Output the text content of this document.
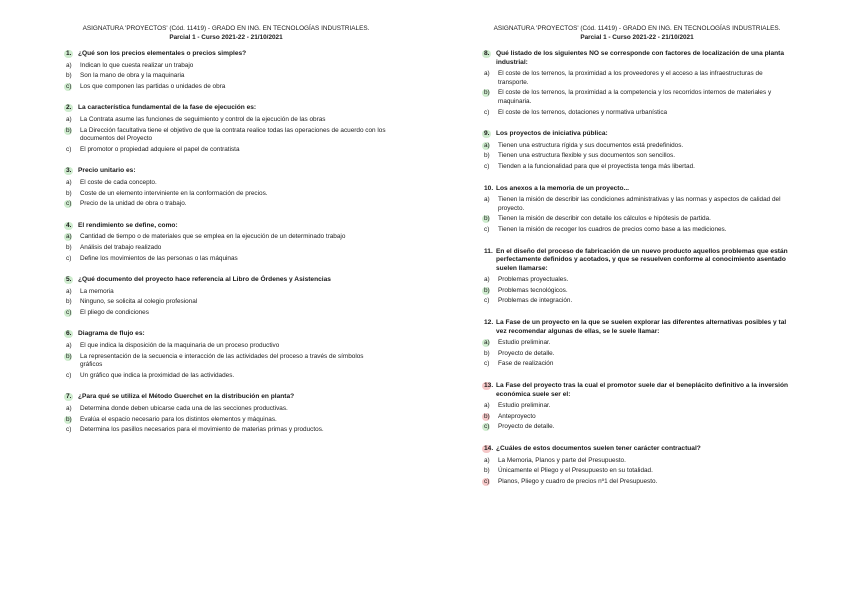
ASIGNATURA 'PROYECTOS' (Cód. 11419) - GRADO EN ING. EN TECNOLOGÍAS INDUSTRIALES.
Parcial 1 - Curso 2021-22 - 21/10/2021
1. ¿Qué son los precios elementales o precios simples?
a)	Indican lo que cuesta realizar un trabajo
b)	Son la mano de obra y la maquinaria
c)	Los que componen las partidas o unidades de obra
2. La característica fundamental de la fase de ejecución es:
a)	La Contrata asume las funciones de seguimiento y control de la ejecución de las obras
b)	La Dirección facultativa tiene el objetivo de que la contrata realice todas las operaciones de acuerdo con los documentos del Proyecto
c)	El promotor o propiedad adquiere el papel de contratista
3. Precio unitario es:
a)	El coste de cada concepto.
b)	Coste de un elemento interviniente en la conformación de precios.
c)	Precio de la unidad de obra o trabajo.
4. El rendimiento se define, como:
a)	Cantidad de tiempo o de materiales que se emplea en la ejecución de un determinado trabajo
b)	Análisis del trabajo realizado
c)	Define los movimientos de las personas o las máquinas
5. ¿Qué documento del proyecto hace referencia al Libro de Órdenes y Asistencias
a)	La memoria
b)	Ninguno, se solicita al colegio profesional
c)	El pliego de condiciones
6. Diagrama de flujo es:
a)	El que indica la disposición de la maquinaria de un proceso productivo
b)	La representación de la secuencia e interacción de las actividades del proceso a través de símbolos gráficos
c)	Un gráfico que indica la proximidad de las actividades.
7. ¿Para qué se utiliza el Método Guerchet en la distribución en planta?
a)	Determina donde deben ubicarse cada una de las secciones productivas.
b)	Evalúa el espacio necesario para los distintos elementos y máquinas.
c)	Determina los pasillos necesarios para el movimiento de materias primas y productos.
ASIGNATURA 'PROYECTOS' (Cód. 11419) - GRADO EN ING. EN TECNOLOGÍAS INDUSTRIALES.
Parcial 1 - Curso 2021-22 - 21/10/2021
8. Qué listado de los siguientes NO se corresponde con factores de localización de una planta industrial:
a)	El coste de los terrenos, la proximidad a los proveedores y el acceso a las infraestructuras de transporte.
b)	El coste de los terrenos, la proximidad a la competencia y los recorridos internos de materiales y maquinaria.
c)	El coste de los terrenos, dotaciones y normativa urbanística
9. Los proyectos de iniciativa pública:
a)	Tienen una estructura rígida y sus documentos está predefinidos.
b)	Tienen una estructura flexible y sus documentos son sencillos.
c)	Tienden a la funcionalidad para que el proyectista tenga más libertad.
10. Los anexos a la memoria de un proyecto...
a)	Tienen la misión de describir las condiciones administrativas y las normas y aspectos de calidad del proyecto.
b)	Tienen la misión de describir con detalle los cálculos e hipótesis de partida.
c)	Tienen la misión de recoger los cuadros de precios como base a las mediciones.
11. En el diseño del proceso de fabricación de un nuevo producto aquellos problemas que están perfectamente definidos y acotados, y que se resuelven conforme al conocimiento asentado suelen llamarse:
a)	Problemas proyectuales.
b)	Problemas tecnológicos.
c)	Problemas de integración.
12. La Fase de un proyecto en la que se suelen explorar las diferentes alternativas posibles y tal vez recomendar algunas de ellas, se le suele llamar:
a)	Estudio preliminar.
b)	Proyecto de detalle.
c)	Fase de realización
13. La Fase del proyecto tras la cual el promotor suele dar el beneplácito definitivo a la inversión económica suele ser el:
a)	Estudio preliminar.
b)	Anteproyecto
c)	Proyecto de detalle.
14. ¿Cuáles de estos documentos suelen tener carácter contractual?
a)	La Memoria, Planos y parte del Presupuesto.
b)	Únicamente el Pliego y el Presupuesto en su totalidad.
c)	Planos, Pliego y cuadro de precios nº1 del Presupuesto.
